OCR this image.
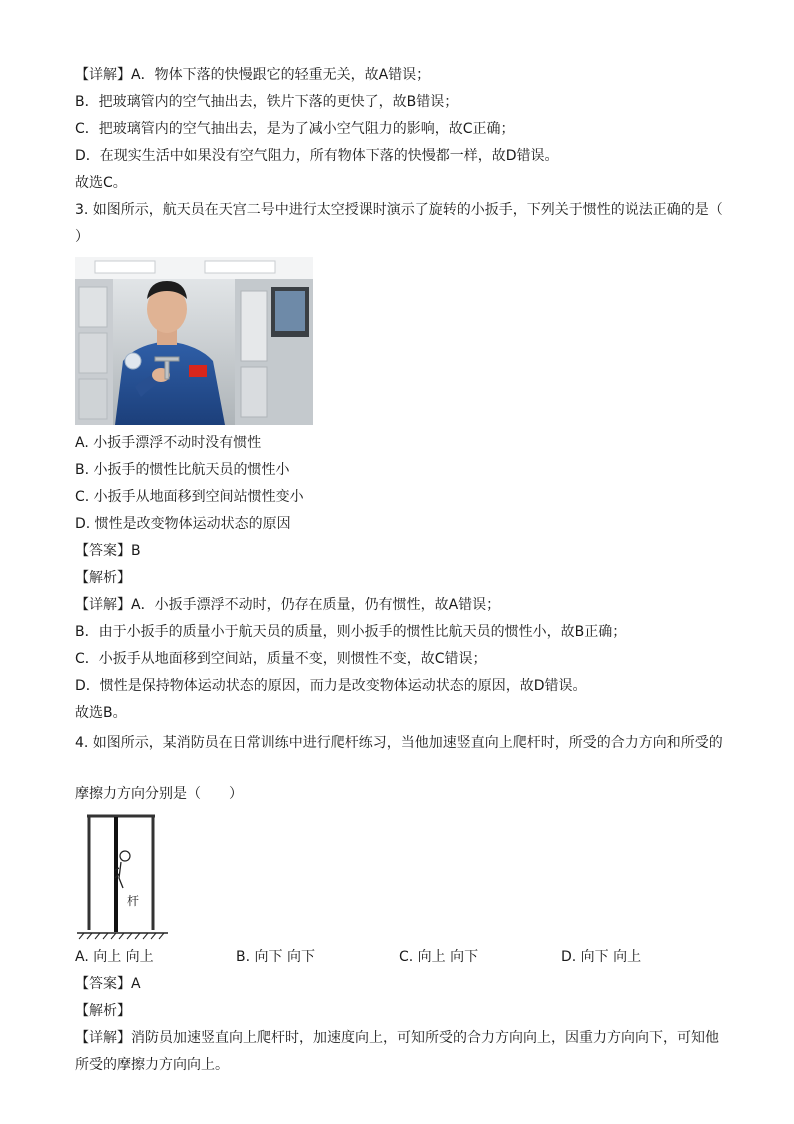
【详解】A．物体下落的快慢跟它的轻重无关，故A错误；
B．把玻璃管内的空气抽出去，铁片下落的更快了，故B错误；
C．把玻璃管内的空气抽出去，是为了减小空气阻力的影响，故C正确；
D．在现实生活中如果没有空气阻力，所有物体下落的快慢都一样，故D错误。
故选C。
3. 如图所示，航天员在天宫二号中进行太空授课时演示了旋转的小扳手，下列关于惯性的说法正确的是（
）
A. 小扳手漂浮不动时没有惯性
B. 小扳手的惯性比航天员的惯性小
C. 小扳手从地面移到空间站惯性变小
D. 惯性是改变物体运动状态的原因
【答案】B
【解析】
【详解】A．小扳手漂浮不动时，仍存在质量，仍有惯性，故A错误；
B．由于小扳手的质量小于航天员的质量，则小扳手的惯性比航天员的惯性小，故B正确；
C．小扳手从地面移到空间站，质量不变，则惯性不变，故C错误；
D．惯性是保持物体运动状态的原因，而力是改变物体运动状态的原因，故D错误。
故选B。
4. 如图所示，某消防员在日常训练中进行爬杆练习，当他加速竖直向上爬杆时，所受的合力方向和所受的
摩擦力方向分别是（　　）
杆
A. 向上 向上	B. 向下 向下	C. 向上 向下	D. 向下 向上
【答案】A
【解析】
【详解】消防员加速竖直向上爬杆时，加速度向上，可知所受的合力方向向上，因重力方向向下，可知他
所受的摩擦力方向向上。
